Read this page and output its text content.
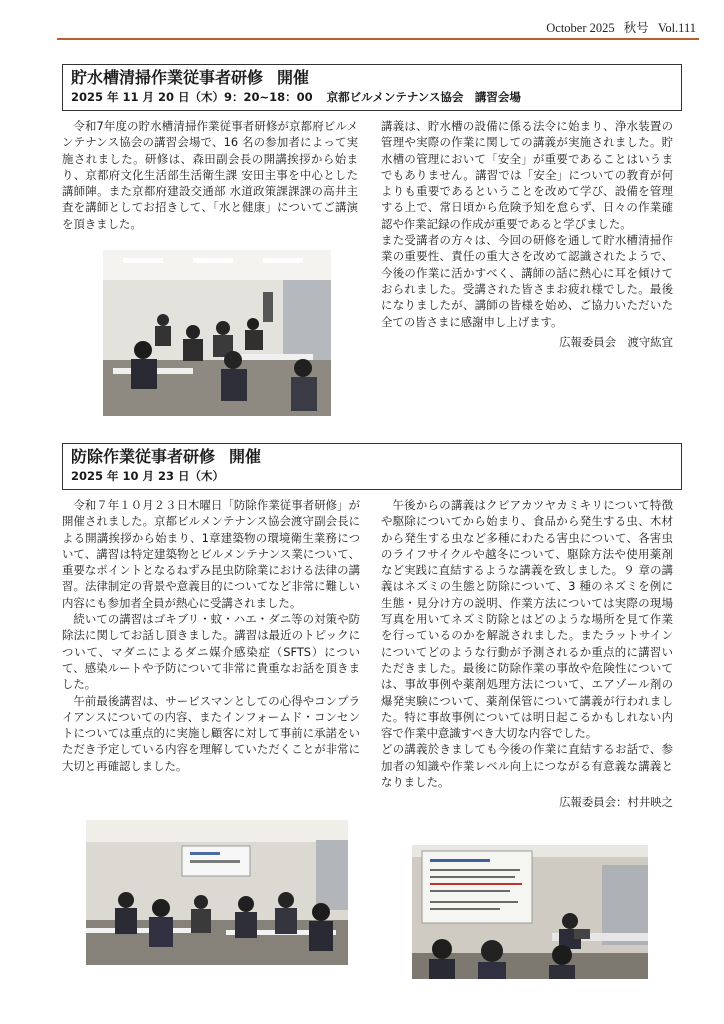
October 2025 秋号 Vol.111
貯水槽清掃作業従事者研修 開催
2025 年 11 月 20 日（木）9：20~18：00 京都ビルメンテナンス協会　講習会場

令和7年度の貯水槽清掃作業従事者研修が京都府ビルメンテナンス協会の講習会場で、16 名の参加者によって実施されました。研修は、森田副会長の開講挨拶から始まり、京都府文化生活部生活衛生課 安田主事を中心とした講師陣。また京都府建設交通部 水道政策課課課の高井主査を講師としてお招きして、「水と健康」についてご講演を頂きました。

講義は、貯水槽の設備に係る法令に始まり、浄水装置の管理や実際の作業に関しての講義が実施されました。貯水槽の管理において「安全」が重要であることはいうまでもありません。講習では「安全」についての教育が何よりも重要であるということを改めて学び、設備を管理する上で、常日頃から危険予知を怠らず、日々の作業確認や作業記録の作成が重要であると学びました。

また受講者の方々は、今回の研修を通して貯水槽清掃作業の重要性、責任の重大さを改めて認識されたようで、今後の作業に活かすべく、講師の話に熱心に耳を傾けておられました。受講された皆さまお疲れ様でした。最後になりましたが、講師の皆様を始め、ご協力いただいた全ての皆さまに感謝申し上げます。

広報委員会　渡守紘宜

防除作業従事者研修 開催
2025 年 10 月 23 日（木）

令和７年１０月２３日木曜日「防除作業従事者研修」が開催されました。京都ビルメンテナンス協会渡守副会長による開講挨拶から始まり、1章建築物の環境衛生業務について、講習は特定建築物とビルメンテナンス業について、重要なポイントとなるねずみ昆虫防除業における法律の講習。法律制定の背景や意義目的についてなど非常に難しい内容にも参加者全員が熱心に受講されました。

続いての講習はゴキブリ・蚊・ハエ・ダニ等の対策や防除法に関してお話し頂きました。講習は最近のトピックについて、マダニによるダニ媒介感染症（SFTS）について、感染ルートや予防について非常に貴重なお話を頂きました。

午前最後講習は、サービスマンとしての心得やコンプライアンスについての内容、またインフォームド・コンセントについては重点的に実施し顧客に対して事前に承諾をいただき予定している内容を理解していただくことが非常に大切と再確認しました。

午後からの講義はクビアカツヤカミキリについて特徴や駆除についてから始まり、食品から発生する虫、木材から発生する虫など多種にわたる害虫について、各害虫のライフサイクルや越冬について、駆除方法や使用薬剤など実践に直結するような講義を致しました。９ 章の講義はネズミの生態と防除について、3 種のネズミを例に生態・見分け方の説明、作業方法については実際の現場写真を用いてネズミ防除とはどのような場所を見て作業を行っているのかを解説されました。またラットサインについてどのような行動が予測されるか重点的に講習いただきました。最後に防除作業の事故や危険性については、事故事例や薬剤処理方法について、エアゾール剤の爆発実験について、薬剤保管について講義が行われました。特に事故事例については明日起こるかもしれない内容で作業中意識すべき大切な内容でした。

どの講義於きましても今後の作業に直結するお話で、参加者の知識や作業レベル向上につながる有意義な講義となりました。

広報委員会：村井映之
